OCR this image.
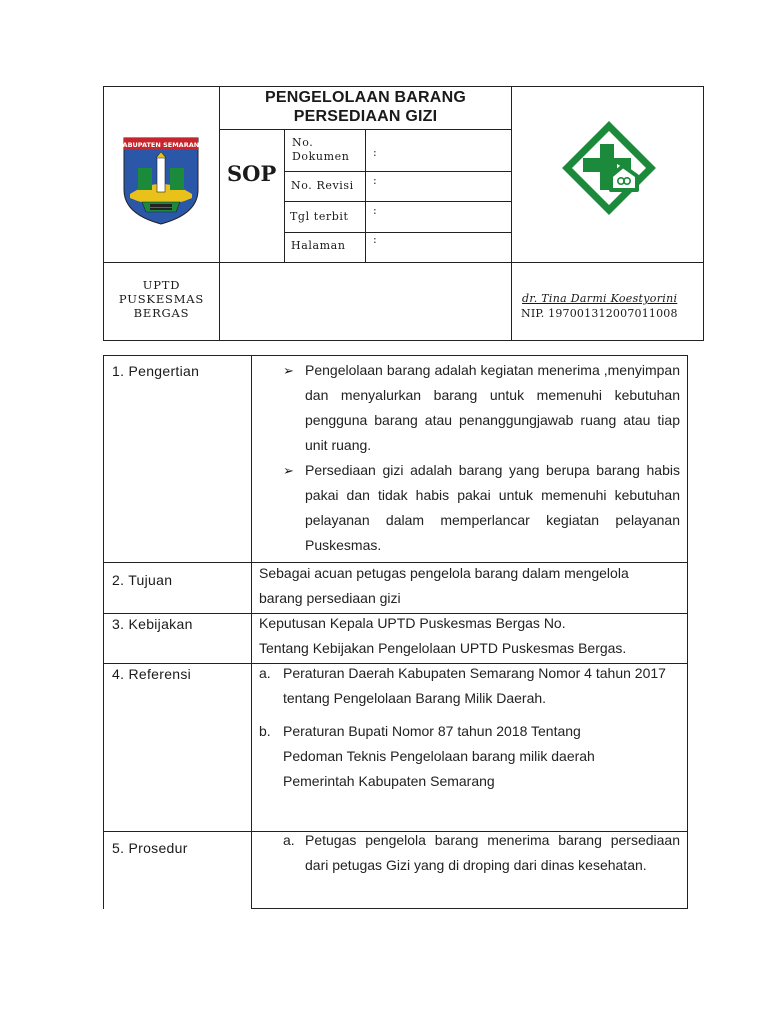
KABUPATEN SEMARANG
PENGELOLAAN BARANG
PERSEDIAAN GIZI
SOP
No. Dokumen	:
No. Revisi :
Tgl terbit :
Halaman :
UPTD
PUSKESMAS
BERGAS
dr. Tina Darmi Koestyorini
NIP. 197001312007011008
1. Pengertian	➢ Pengelolaan barang adalah kegiatan menerima ,menyimpan dan menyalurkan barang untuk memenuhi kebutuhan pengguna barang atau penanggungjawab ruang atau tiap unit ruang.
➢ Persediaan gizi adalah barang yang berupa barang habis pakai dan tidak habis pakai untuk memenuhi kebutuhan pelayanan dalam memperlancar kegiatan pelayanan Puskesmas.
2. Tujuan	Sebagai acuan petugas pengelola barang dalam mengelola barang persediaan gizi
3. Kebijakan	Keputusan Kepala UPTD Puskesmas Bergas No.
Tentang Kebijakan Pengelolaan UPTD Puskesmas Bergas.
4. Referensi	a. Peraturan Daerah Kabupaten Semarang Nomor 4 tahun 2017 tentang Pengelolaan Barang Milik Daerah.
b. Peraturan Bupati Nomor 87 tahun 2018 Tentang Pedoman Teknis Pengelolaan barang milik daerah Pemerintah Kabupaten Semarang
5. Prosedur	a. Petugas pengelola barang menerima barang persediaan dari petugas Gizi yang di droping dari dinas kesehatan.
